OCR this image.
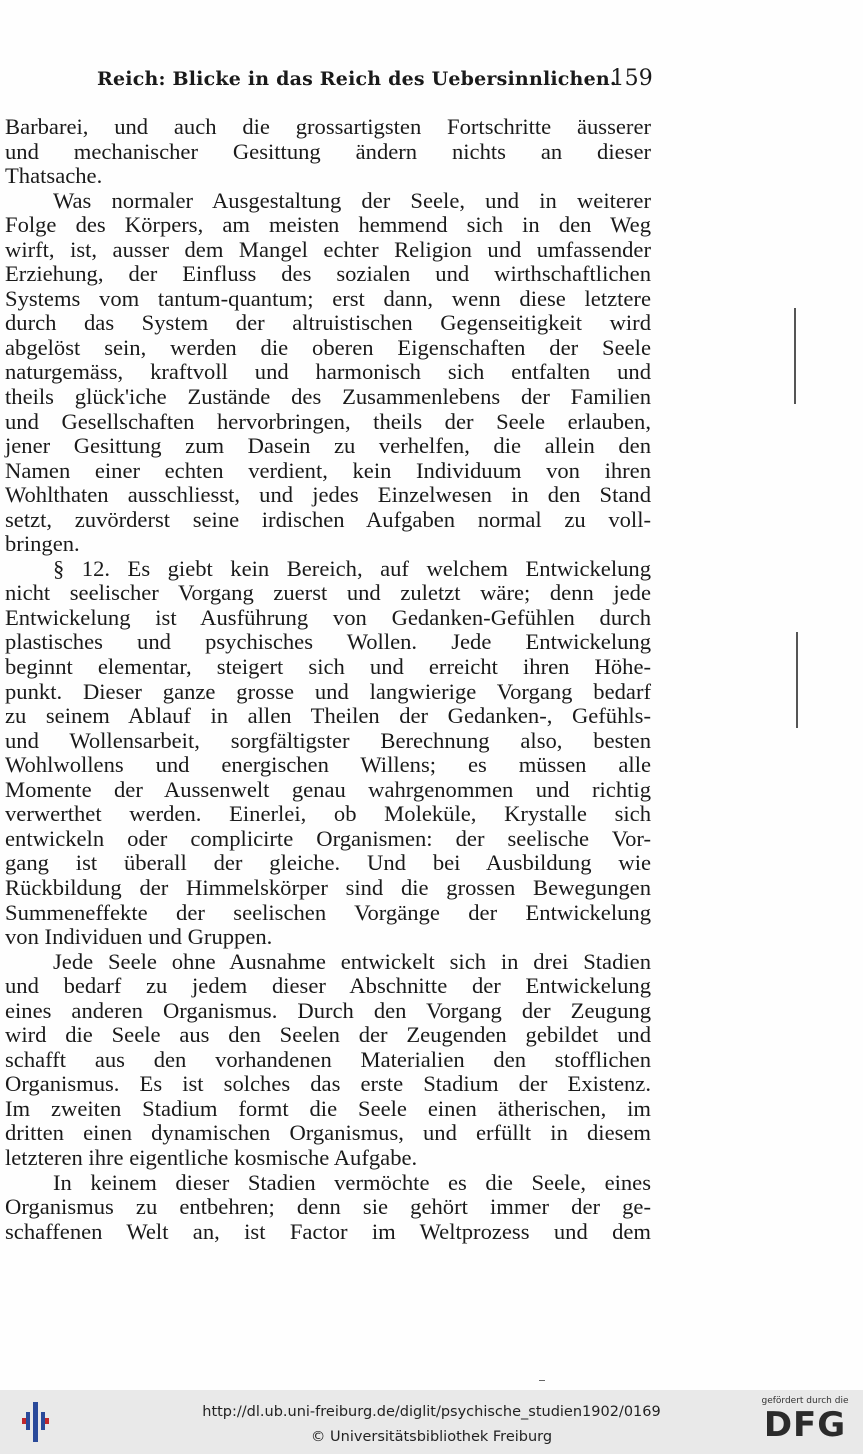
Reich: Blicke in das Reich des Uebersinnlichen.
159
Barbarei, und auch die grossartigsten Fortschritte äusserer
und mechanischer Gesittung ändern nichts an dieser
Thatsache.
Was normaler Ausgestaltung der Seele, und in weiterer
Folge des Körpers, am meisten hemmend sich in den Weg
wirft, ist, ausser dem Mangel echter Religion und umfassender
Erziehung, der Einfluss des sozialen und wirthschaftlichen
Systems vom tantum-quantum; erst dann, wenn diese letztere
durch das System der altruistischen Gegenseitigkeit wird
abgelöst sein, werden die oberen Eigenschaften der Seele
naturgemäss, kraftvoll und harmonisch sich entfalten und
theils glück'iche Zustände des Zusammenlebens der Familien
und Gesellschaften hervorbringen, theils der Seele erlauben,
jener Gesittung zum Dasein zu verhelfen, die allein den
Namen einer echten verdient, kein Individuum von ihren
Wohlthaten ausschliesst, und jedes Einzelwesen in den Stand
setzt, zuvörderst seine irdischen Aufgaben normal zu voll-
bringen.
§ 12. Es giebt kein Bereich, auf welchem Entwickelung
nicht seelischer Vorgang zuerst und zuletzt wäre; denn jede
Entwickelung ist Ausführung von Gedanken-Gefühlen durch
plastisches und psychisches Wollen. Jede Entwickelung
beginnt elementar, steigert sich und erreicht ihren Höhe-
punkt. Dieser ganze grosse und langwierige Vorgang bedarf
zu seinem Ablauf in allen Theilen der Gedanken-, Gefühls-
und Wollensarbeit, sorgfältigster Berechnung also, besten
Wohlwollens und energischen Willens; es müssen alle
Momente der Aussenwelt genau wahrgenommen und richtig
verwerthet werden. Einerlei, ob Moleküle, Krystalle sich
entwickeln oder complicirte Organismen: der seelische Vor-
gang ist überall der gleiche. Und bei Ausbildung wie
Rückbildung der Himmelskörper sind die grossen Bewegungen
Summeneffekte der seelischen Vorgänge der Entwickelung
von Individuen und Gruppen.
Jede Seele ohne Ausnahme entwickelt sich in drei Stadien
und bedarf zu jedem dieser Abschnitte der Entwickelung
eines anderen Organismus. Durch den Vorgang der Zeugung
wird die Seele aus den Seelen der Zeugenden gebildet und
schafft aus den vorhandenen Materialien den stofflichen
Organismus. Es ist solches das erste Stadium der Existenz.
Im zweiten Stadium formt die Seele einen ätherischen, im
dritten einen dynamischen Organismus, und erfüllt in diesem
letzteren ihre eigentliche kosmische Aufgabe.
In keinem dieser Stadien vermöchte es die Seele, eines
Organismus zu entbehren; denn sie gehört immer der ge-
schaffenen Welt an, ist Factor im Weltprozess und dem
http://dl.ub.uni-freiburg.de/diglit/psychische_studien1902/0169
© Universitätsbibliothek Freiburg
gefördert durch die
DFG
